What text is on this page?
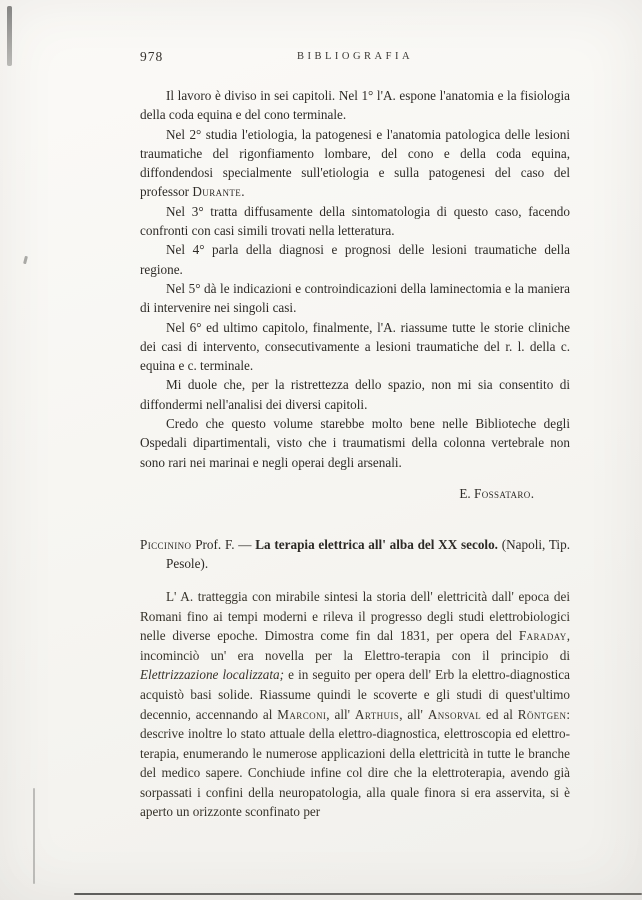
978	BIBLIOGRAFIA

Il lavoro è diviso in sei capitoli. Nel 1° l'A. espone l'anatomia e la fisiologia della coda equina e del cono terminale.

Nel 2° studia l'etiologia, la patogenesi e l'anatomia patologica delle lesioni traumatiche del rigonfiamento lombare, del cono e della coda equina, diffondendosi specialmente sull'etiologia e sulla patogenesi del caso del professor Durante.

Nel 3° tratta diffusamente della sintomatologia di questo caso, facendo confronti con casi simili trovati nella letteratura.

Nel 4° parla della diagnosi e prognosi delle lesioni traumatiche della regione.

Nel 5° dà le indicazioni e controindicazioni della laminectomia e la maniera di intervenire nei singoli casi.

Nel 6° ed ultimo capitolo, finalmente, l'A. riassume tutte le storie cliniche dei casi di intervento, consecutivamente a lesioni traumatiche del r. l. della c. equina e c. terminale.

Mi duole che, per la ristrettezza dello spazio, non mi sia consentito di diffondermi nell'analisi dei diversi capitoli.

Credo che questo volume starebbe molto bene nelle Biblioteche degli Ospedali dipartimentali, visto che i traumatismi della colonna vertebrale non sono rari nei marinai e negli operai degli arsenali.

E. Fossataro.

Piccinino Prof. F. — La terapia elettrica all' alba del XX secolo. (Napoli, Tip. Pesole).

L' A. tratteggia con mirabile sintesi la storia dell' elettricità dall' epoca dei Romani fino ai tempi moderni e rileva il progresso degli studi elettrobiologici nelle diverse epoche. Dimostra come fin dal 1831, per opera del Faraday, incominciò un' era novella per la Elettro-terapia con il principio di Elettrizzazione localizzata; e in seguito per opera dell' Erb la elettro-diagnostica acquistò basi solide. Riassume quindi le scoverte e gli studi di quest'ultimo decennio, accennando al Marconi, all' Arthuis, all' Ansorval ed al Röntgen: descrive inoltre lo stato attuale della elettro-diagnostica, elettroscopia ed elettro-terapia, enumerando le numerose applicazioni della elettricità in tutte le branche del medico sapere. Conchiude infine col dire che la elettroterapia, avendo già sorpassati i confini della neuropatologia, alla quale finora si era asservita, si è aperto un orizzonte sconfinato per
